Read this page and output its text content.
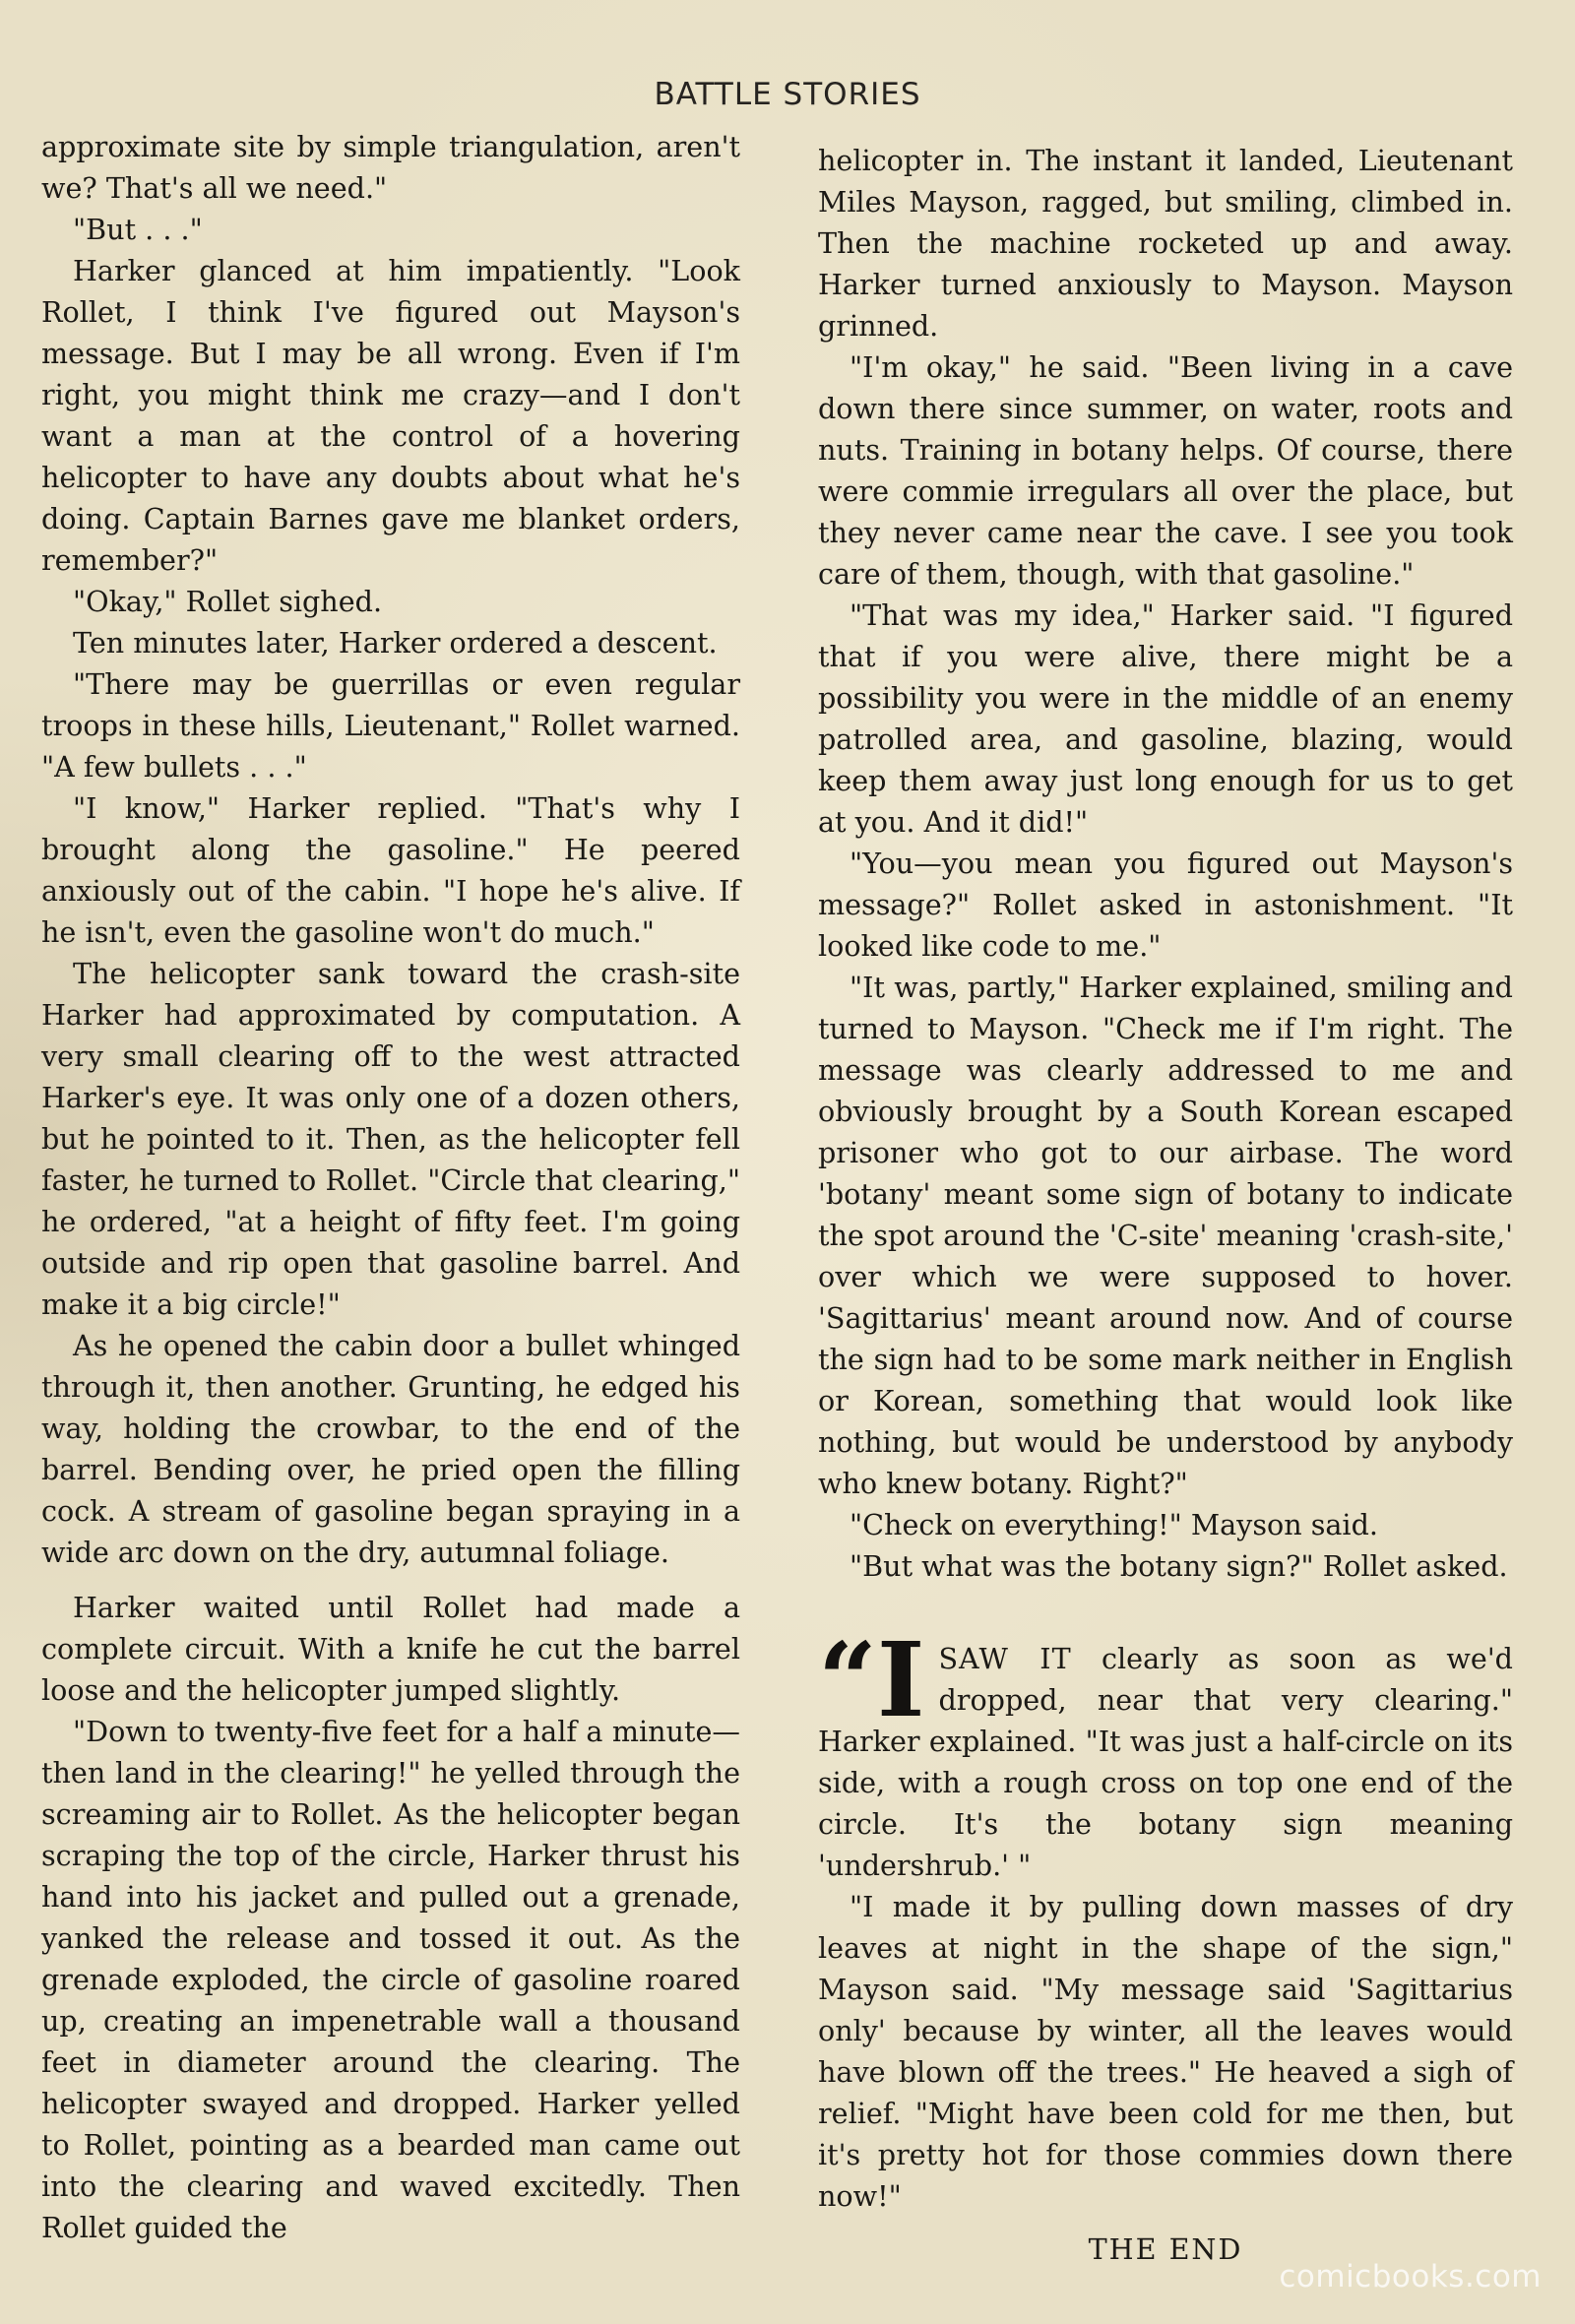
BATTLE STORIES

approximate site by simple triangulation, aren't we? That's all we need."

"But . . ."

Harker glanced at him impatiently. "Look Rollet, I think I've figured out Mayson's message. But I may be all wrong. Even if I'm right, you might think me crazy—and I don't want a man at the control of a hovering helicopter to have any doubts about what he's doing. Captain Barnes gave me blanket orders, remember?"

"Okay," Rollet sighed.

Ten minutes later, Harker ordered a descent.

"There may be guerrillas or even regular troops in these hills, Lieutenant," Rollet warned. "A few bullets . . ."

"I know," Harker replied. "That's why I brought along the gasoline." He peered anxiously out of the cabin. "I hope he's alive. If he isn't, even the gasoline won't do much."

The helicopter sank toward the crash-site Harker had approximated by computation. A very small clearing off to the west attracted Harker's eye. It was only one of a dozen others, but he pointed to it. Then, as the helicopter fell faster, he turned to Rollet. "Circle that clearing," he ordered, "at a height of fifty feet. I'm going outside and rip open that gasoline barrel. And make it a big circle!"

As he opened the cabin door a bullet whinged through it, then another. Grunting, he edged his way, holding the crowbar, to the end of the barrel. Bending over, he pried open the filling cock. A stream of gasoline began spraying in a wide arc down on the dry, autumnal foliage.

Harker waited until Rollet had made a complete circuit. With a knife he cut the barrel loose and the helicopter jumped slightly.

"Down to twenty-five feet for a half a minute—then land in the clearing!" he yelled through the screaming air to Rollet. As the helicopter began scraping the top of the circle, Harker thrust his hand into his jacket and pulled out a grenade, yanked the release and tossed it out. As the grenade exploded, the circle of gasoline roared up, creating an impenetrable wall a thousand feet in diameter around the clearing. The helicopter swayed and dropped. Harker yelled to Rollet, pointing as a bearded man came out into the clearing and waved excitedly. Then Rollet guided the

helicopter in. The instant it landed, Lieutenant Miles Mayson, ragged, but smiling, climbed in. Then the machine rocketed up and away. Harker turned anxiously to Mayson. Mayson grinned.

"I'm okay," he said. "Been living in a cave down there since summer, on water, roots and nuts. Training in botany helps. Of course, there were commie irregulars all over the place, but they never came near the cave. I see you took care of them, though, with that gasoline."

"That was my idea," Harker said. "I figured that if you were alive, there might be a possibility you were in the middle of an enemy patrolled area, and gasoline, blazing, would keep them away just long enough for us to get at you. And it did!"

"You—you mean you figured out Mayson's message?" Rollet asked in astonishment. "It looked like code to me."

"It was, partly," Harker explained, smiling and turned to Mayson. "Check me if I'm right. The message was clearly addressed to me and obviously brought by a South Korean escaped prisoner who got to our airbase. The word 'botany' meant some sign of botany to indicate the spot around the 'C-site' meaning 'crash-site,' over which we were supposed to hover. 'Sagittarius' meant around now. And of course the sign had to be some mark neither in English or Korean, something that would look like nothing, but would be understood by anybody who knew botany. Right?"

"Check on everything!" Mayson said.

"But what was the botany sign?" Rollet asked.

“ISAW IT clearly as soon as we'd dropped, near that very clearing." Harker explained. "It was just a half-circle on its side, with a rough cross on top one end of the circle. It's the botany sign meaning 'undershrub.' "

"I made it by pulling down masses of dry leaves at night in the shape of the sign," Mayson said. "My message said 'Sagittarius only' because by winter, all the leaves would have blown off the trees." He heaved a sigh of relief. "Might have been cold for me then, but it's pretty hot for those commies down there now!"

THE END

comicbooks.com
